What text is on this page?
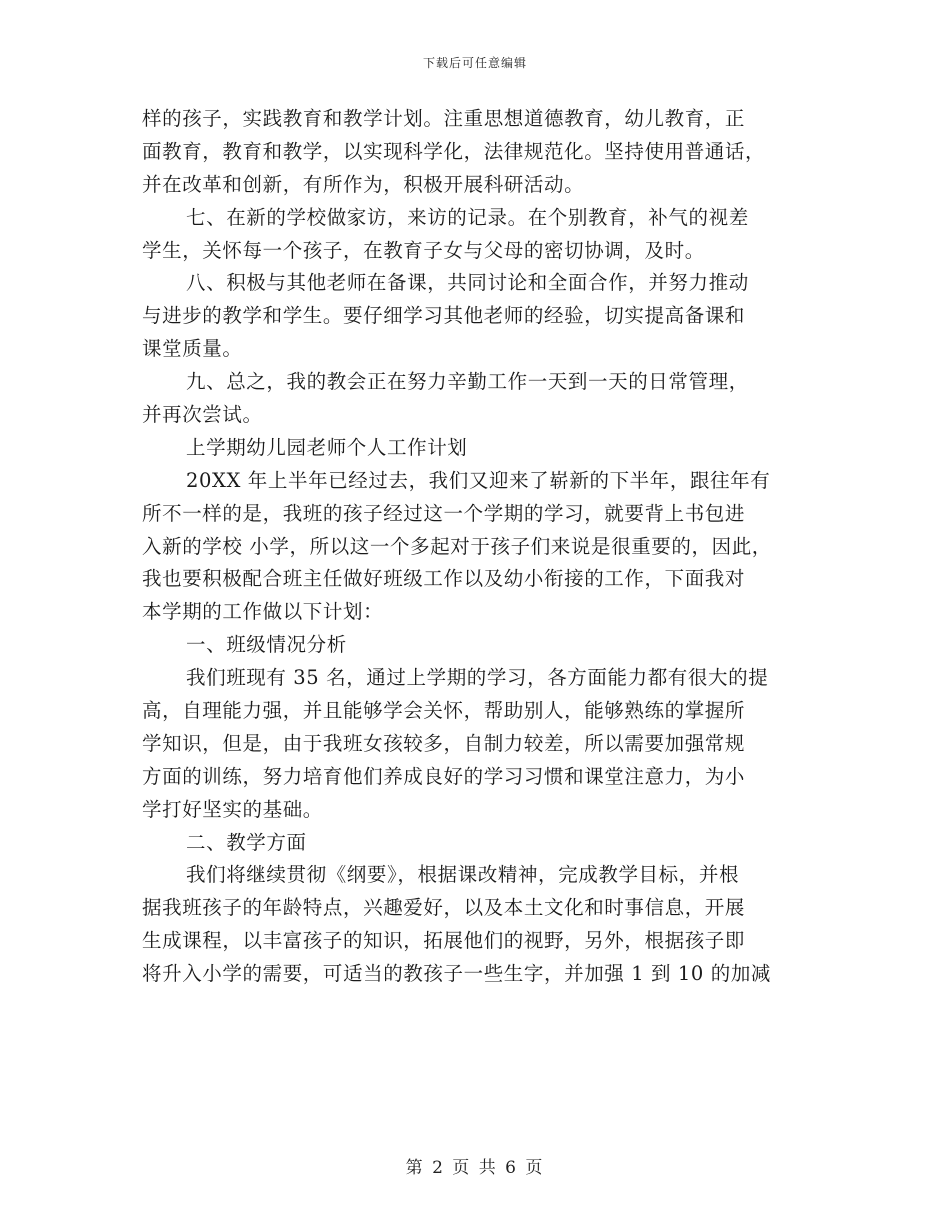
下载后可任意编辑
样的孩子，实践教育和教学计划。注重思想道德教育，幼儿教育，正
面教育，教育和教学，以实现科学化，法律规范化。坚持使用普通话，
并在改革和创新，有所作为，积极开展科研活动。
七、在新的学校做家访，来访的记录。在个别教育，补气的视差
学生，关怀每一个孩子，在教育子女与父母的密切协调，及时。
八、积极与其他老师在备课，共同讨论和全面合作，并努力推动
与进步的教学和学生。要仔细学习其他老师的经验，切实提高备课和
课堂质量。
九、总之，我的教会正在努力辛勤工作一天到一天的日常管理，
并再次尝试。
上学期幼儿园老师个人工作计划
20XX 年上半年已经过去，我们又迎来了崭新的下半年，跟往年有
所不一样的是，我班的孩子经过这一个学期的学习，就要背上书包进
入新的学校 小学，所以这一个多起对于孩子们来说是很重要的，因此，
我也要积极配合班主任做好班级工作以及幼小衔接的工作，下面我对
本学期的工作做以下计划：
一、班级情况分析
我们班现有 35 名，通过上学期的学习，各方面能力都有很大的提
高，自理能力强，并且能够学会关怀，帮助别人，能够熟练的掌握所
学知识，但是，由于我班女孩较多，自制力较差，所以需要加强常规
方面的训练，努力培育他们养成良好的学习习惯和课堂注意力，为小
学打好坚实的基础。
二、教学方面
我们将继续贯彻《纲要》，根据课改精神，完成教学目标，并根
据我班孩子的年龄特点，兴趣爱好，以及本土文化和时事信息，开展
生成课程，以丰富孩子的知识，拓展他们的视野，另外，根据孩子即
将升入小学的需要，可适当的教孩子一些生字，并加强 1 到 10 的加减
第 2 页 共 6 页
